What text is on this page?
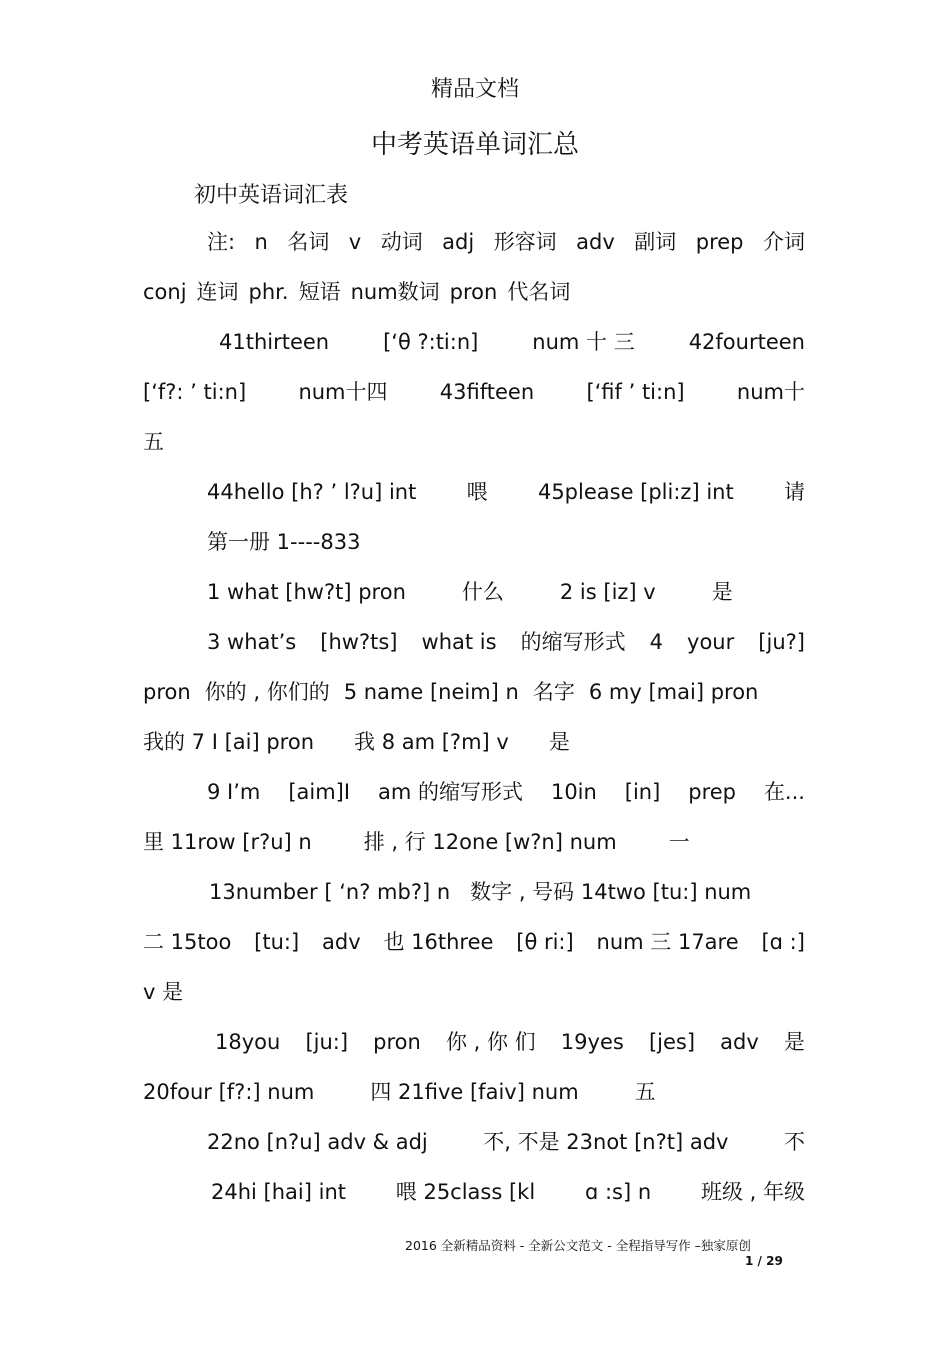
精品文档
中考英语单词汇总
初中英语词汇表
注: n 名词 v 动词 adj 形容词 adv 副词 prep 介词
conj 连词 phr. 短语 num数词 pron 代名词
41thirteen	[‘θ ?:ti:n]	num 十 三	42fourteen
[‘f?: ’ ti:n] num十四 43fifteen [‘fif ’ ti:n] num十
五
44hello [h? ’ l?u] int 喂 45please [pli:z] int 请
第一册 1----833
1 what [hw?t] pron	什么	2 is [iz] v	是
3 what’s [hw?ts] what is 的缩写形式 4 your [ju?]
pron 你的 , 你们的 5 name [neim] n 名字 6 my [mai] pron
我的 7 I [ai] pron 我 8 am [?m] v 是
9 I’m [aim]I am 的缩写形式 10in [in] prep 在...
里 11row [r?u] n 排 , 行 12one [w?n] num 一
13number [ ‘n? mb?] n 数字 , 号码 14two [tu:] num
二 15too [tu:] adv 也 16three [θ ri:] num 三 17are [ɑ :]
v 是
18you [ju:] pron 你 , 你 们 19yes [jes] adv 是
20four [f?:] num	四 21five [faiv] num	五
22no [n?u] adv & adj	不, 不是 23not [n?t] adv	不
24hi [hai] int 喂 25class [kl ɑ :s] n 班级 , 年级
2016 全新精品资料 - 全新公文范文 - 全程指导写作 –独家原创
1 / 29
